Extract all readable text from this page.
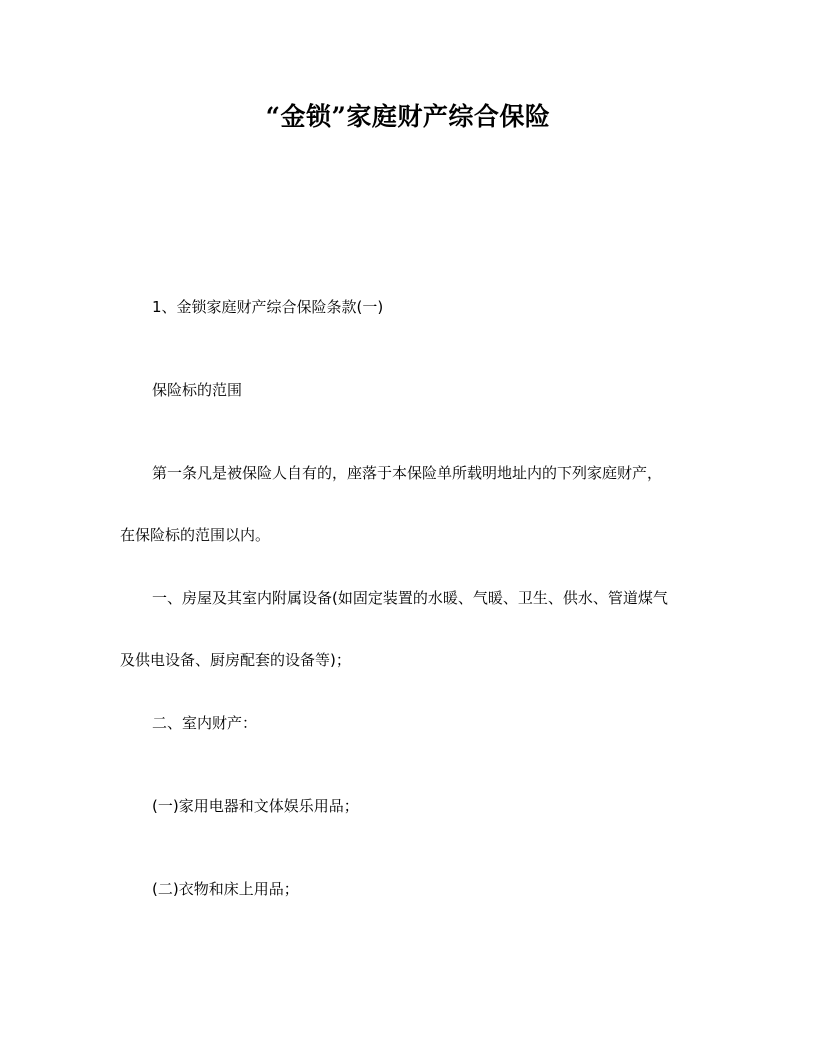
“金锁”家庭财产综合保险

1、金锁家庭财产综合保险条款(一)

保险标的范围

第一条凡是被保险人自有的，座落于本保险单所载明地址内的下列家庭财产，
在保险标的范围以内。

一、房屋及其室内附属设备(如固定装置的水暖、气暖、卫生、供水、管道煤气
及供电设备、厨房配套的设备等)；

二、室内财产：

(一)家用电器和文体娱乐用品；

(二)衣物和床上用品；
